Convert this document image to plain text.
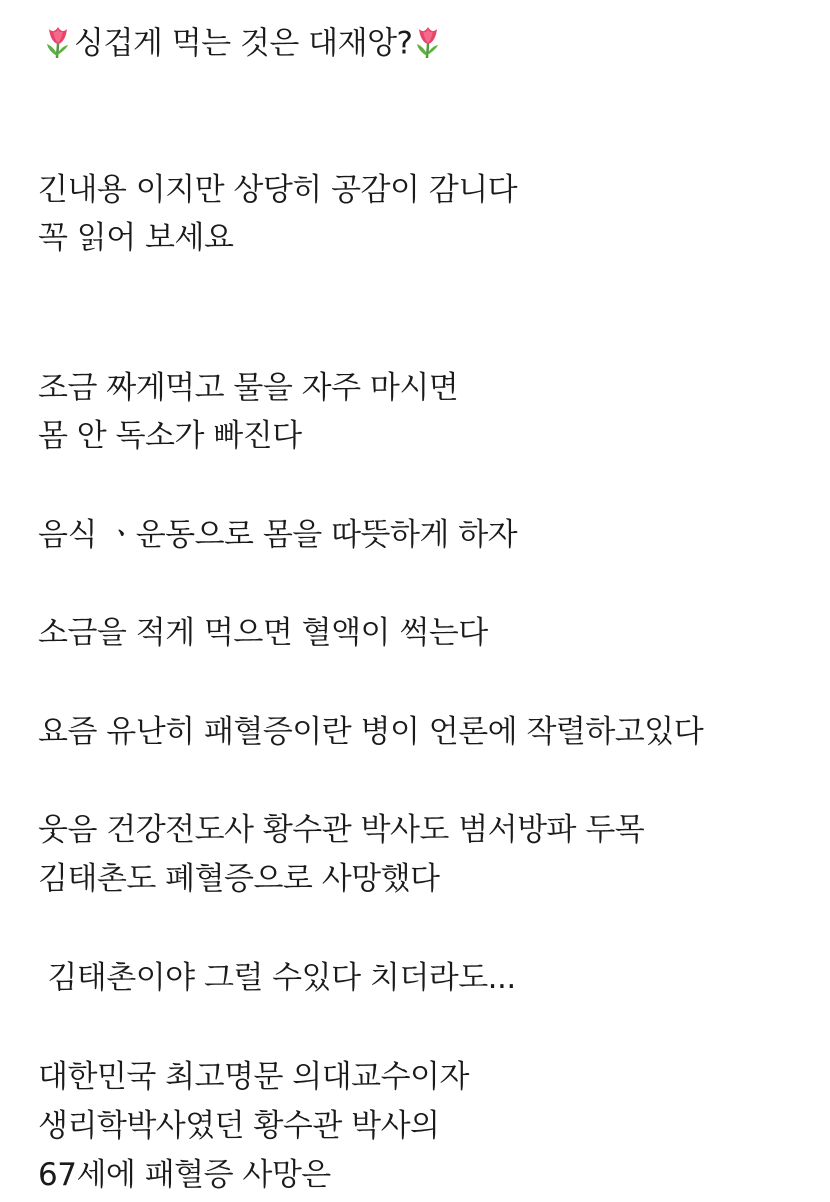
싱겁게 먹는 것은 대재앙?
긴내용 이지만 상당히 공감이 감니다
꼭 읽어 보세요
조금 짜게먹고 물을 자주 마시면
몸 안 독소가 빠진다
음식 ㆍ운동으로 몸을 따뜻하게 하자
소금을 적게 먹으면 혈액이 썩는다
요즘 유난히 패혈증이란 병이 언론에 작렬하고있다
웃음 건강전도사 황수관 박사도 범서방파 두목
김태촌도 폐혈증으로 사망했다
김태촌이야 그럴 수있다 치더라도...
대한민국 최고명문 의대교수이자
생리학박사였던 황수관 박사의
67세에 패혈증 사망은
